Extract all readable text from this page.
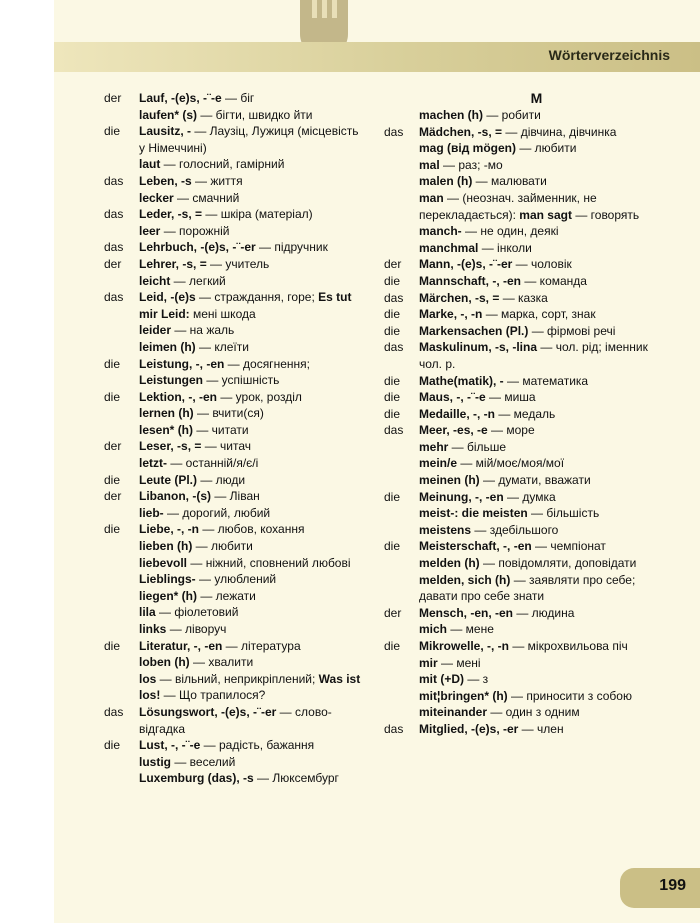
Wörterverzeichnis
der	Lauf, -(e)s, -¨-e — біг
laufen* (s) — бігти, швидко йти
die	Lausitz, - — Лаузіц, Лужиця (місцевість у Німеччині)
laut — голосний, гамірний
das	Leben, -s — життя
lecker — смачний
das	Leder, -s, = — шкіра (матеріал)
leer — порожній
das	Lehrbuch, -(e)s, -¨-er — підручник
der	Lehrer, -s, = — учитель
leicht — легкий
das	Leid, -(e)s — страждання, горе; Es tut mir Leid: мені шкода
leider — на жаль
leimen (h) — клеїти
die	Leistung, -, -en — досягнення; Leistungen — успішність
die	Lektion, -, -en — урок, розділ
lernen (h) — вчити(ся)
lesen* (h) — читати
der	Leser, -s, = — читач
letzt- — останній/я/є/і
die	Leute (Pl.) — люди
der	Libanon, -(s) — Ліван
lieb- — дорогий, любий
die	Liebe, -, -n — любов, кохання
lieben (h) — любити
liebevoll — ніжний, сповнений любові
Lieblings- — улюблений
liegen* (h) — лежати
lila — фіолетовий
links — ліворуч
die	Literatur, -, -en — література
loben (h) — хвалити
los — вільний, неприкріплений; Was ist los! — Що трапилося?
das	Lösungswort, -(e)s, -¨-er — слово-відгадка
die	Lust, -, -¨-e — радість, бажання
lustig — веселий
Luxemburg (das), -s — Люксембург
M
machen (h) — робити
das	Mädchen, -s, = — дівчина, дівчинка
mag (від mögen) — любити
mal — раз; -мо
malen (h) — малювати
man — (неознач. займенник, не перекладається): man sagt — говорять
manch- — не один, деякі
manchmal — інколи
der	Mann, -(e)s, -¨-er — чоловік
die	Mannschaft, -, -en — команда
das	Märchen, -s, = — казка
die	Marke, -, -n — марка, сорт, знак
die	Markensachen (Pl.) — фірмові речі
das	Maskulinum, -s, -lina — чол. рід; іменник чол. р.
die	Mathe(matik), - — математика
die	Maus, -, -¨-e — миша
die	Medaille, -, -n — медаль
das	Meer, -es, -e — море
mehr — більше
mein/e — мій/моє/моя/мої
meinen (h) — думати, вважати
die	Meinung, -, -en — думка
meist-: die meisten — більшість
meistens — здебільшого
die	Meisterschaft, -, -en — чемпіонат
melden (h) — повідомляти, доповідати
melden, sich (h) — заявляти про себе; давати про себе знати
der	Mensch, -en, -en — людина
mich — мене
die	Mikrowelle, -, -n — мікрохвильова піч
mir — мені
mit (+D) — з
mit¦bringen* (h) — приносити з собою
miteinander — один з одним
das	Mitglied, -(e)s, -er — член
199
